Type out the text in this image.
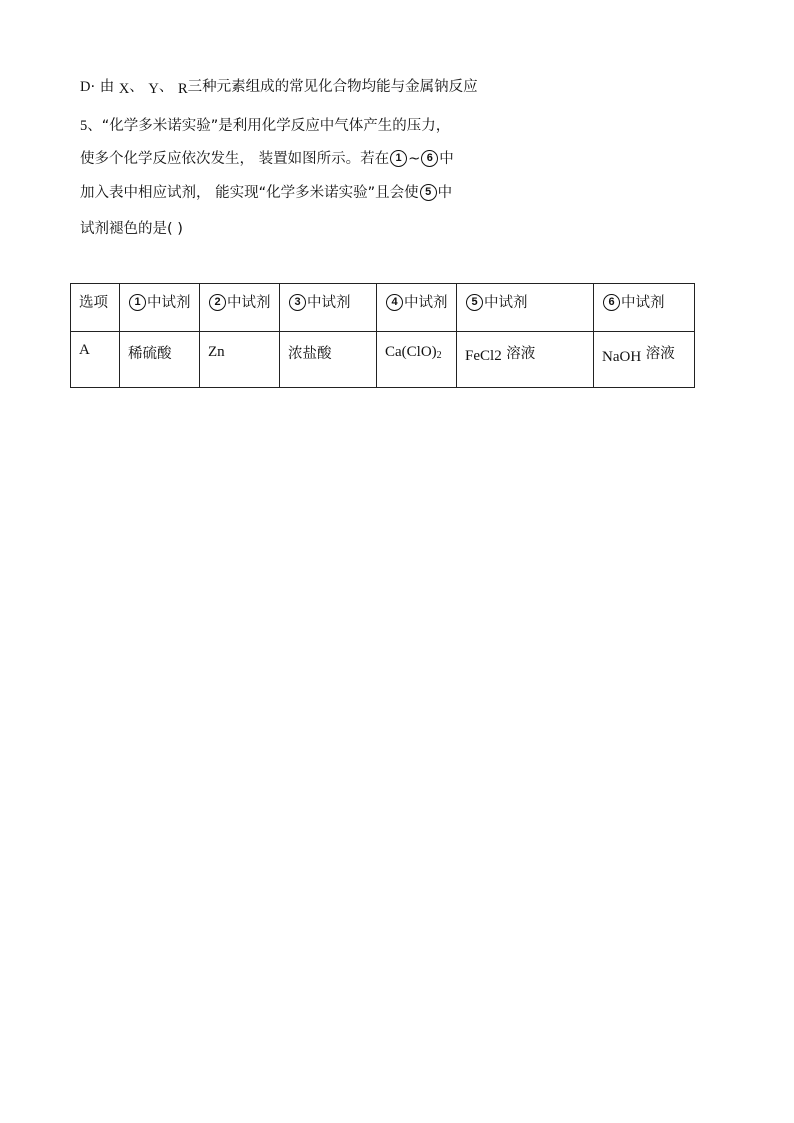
D· 由 X、 Y、 R三种元素组成的常见化合物均能与金属钠反应
5、“化学多米诺实验”是利用化学反应中气体产生的压力，
使多个化学反应依次发生， 装置如图所示。若在 1 ~ 6 中
加入表中相应试剂， 能实现“化学多米诺实验”且会使 5 中
试剂褪色的是( )
选项	1 中试剂	2 中试剂	3 中试剂	4 中试剂	5 中试剂	6 中试剂
A	稀硫酸	Zn	浓盐酸	$Ca(ClO)_2$	FeCl$_2$ 溶液	NaOH 溶液
